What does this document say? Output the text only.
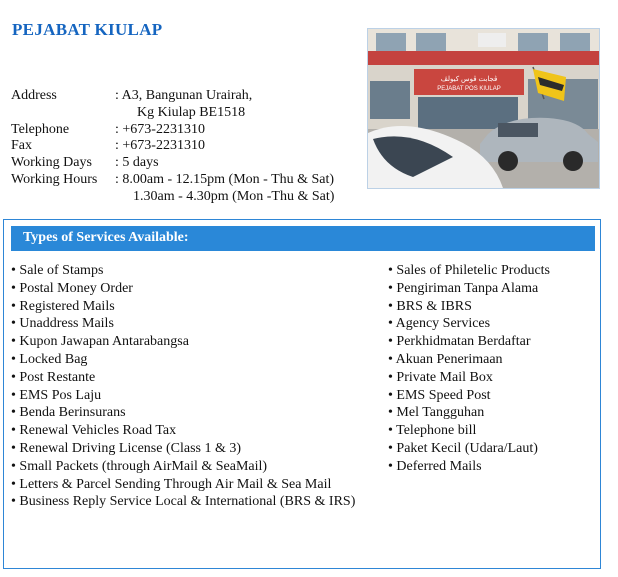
PEJABAT KIULAP
Address	: A3, Bangunan Urairah,
Kg Kiulap BE1518
Telephone	: +673-2231310
Fax	: +673-2231310
Working Days	: 5 days
Working Hours	: 8.00am - 12.15pm (Mon - Thu & Sat)
1.30am - 4.30pm (Mon -Thu & Sat)
ڤجابت ڤوس كيولڤ
PEJABAT POS KIULAP
Types of Services Available:
• Sale of Stamps
• Postal Money Order
• Registered Mails
• Unaddress Mails
• Kupon Jawapan Antarabangsa
• Locked Bag
• Post Restante
• EMS Pos Laju
• Benda Berinsurans
• Renewal Vehicles Road Tax
• Renewal Driving License (Class 1 & 3)
• Small Packets (through AirMail & SeaMail)
• Letters & Parcel Sending Through Air Mail & Sea Mail
• Business Reply Service Local & International (BRS & IRS)
• Sales of Philetelic Products
• Pengiriman Tanpa Alama
• BRS & IBRS
• Agency Services
• Perkhidmatan Berdaftar
• Akuan Penerimaan
• Private Mail Box
• EMS Speed Post
• Mel Tangguhan
• Telephone bill
• Paket Kecil (Udara/Laut)
• Deferred Mails
